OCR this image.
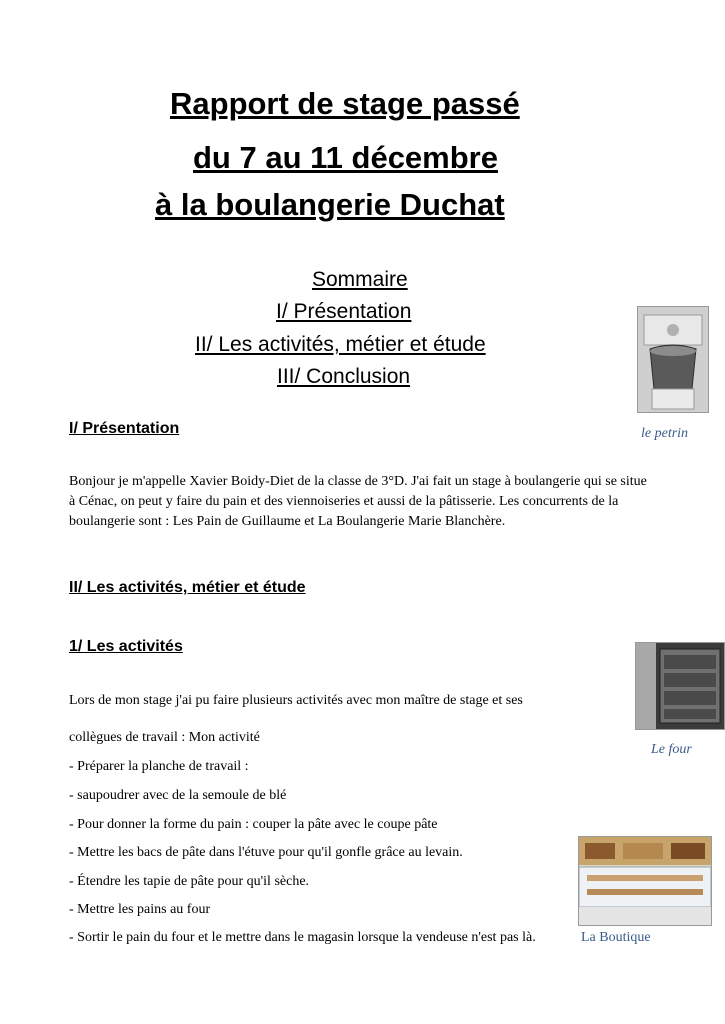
Rapport de stage passé
du 7 au 11 décembre
à la boulangerie Duchat
Sommaire
I/ Présentation
II/ Les activités, métier et étude
III/ Conclusion
le petrin
I/ Présentation
Bonjour je m'appelle Xavier Boidy-Diet de la classe de 3°D. J'ai fait un stage à boulangerie qui se situe à Cénac, on peut y faire du pain et des viennoiseries et aussi de la pâtisserie. Les concurrents de la boulangerie sont : Les Pain de Guillaume et La Boulangerie Marie Blanchère.
II/ Les activités, métier et étude
1/ Les activités
Le four
Lors de mon stage j'ai pu faire plusieurs activités avec mon maître de stage et ses
collègues de travail : Mon activité
- Préparer la planche de travail :
- saupoudrer avec de la semoule de blé
- Pour donner la forme du pain : couper la pâte avec le coupe pâte
- Mettre les bacs de pâte dans l'étuve pour qu'il gonfle grâce au levain.
- Étendre les tapie de pâte pour qu'il sèche.
- Mettre les pains au four
- Sortir le pain du four et le mettre dans le magasin lorsque la vendeuse n'est pas là.	La Boutique
